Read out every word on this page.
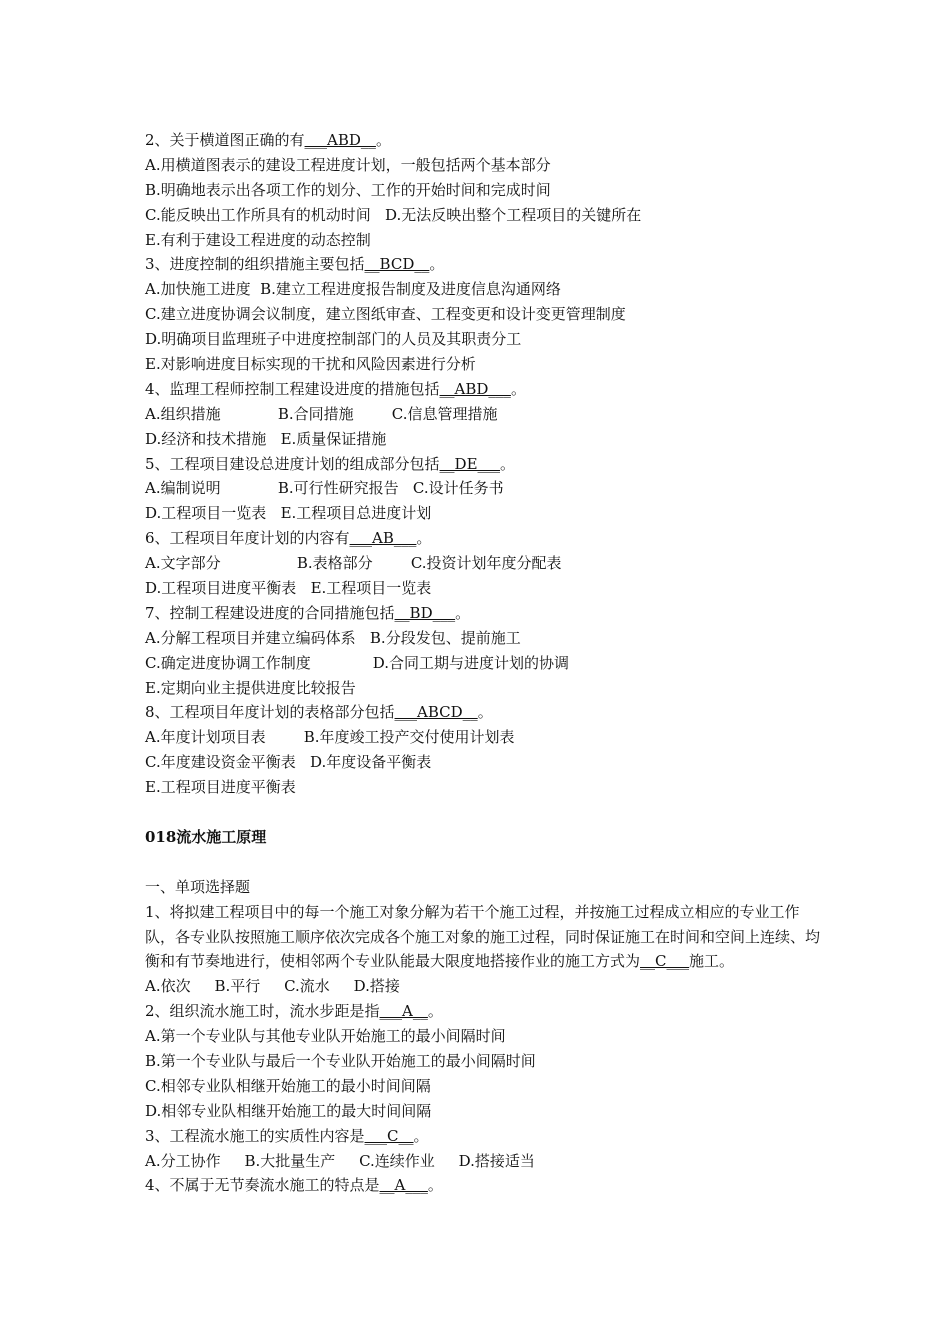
2、关于横道图正确的有___ABD__。
A.用横道图表示的建设工程进度计划，一般包括两个基本部分
B.明确地表示出各项工作的划分、工作的开始时间和完成时间
C.能反映出工作所具有的机动时间   D.无法反映出整个工程项目的关键所在
E.有利于建设工程进度的动态控制
3、进度控制的组织措施主要包括__BCD__。
A.加快施工进度  B.建立工程进度报告制度及进度信息沟通网络
C.建立进度协调会议制度，建立图纸审查、工程变更和设计变更管理制度
D.明确项目监理班子中进度控制部门的人员及其职责分工
E.对影响进度目标实现的干扰和风险因素进行分析
4、监理工程师控制工程建设进度的措施包括__ABD___。
A.组织措施            B.合同措施        C.信息管理措施
D.经济和技术措施   E.质量保证措施
5、工程项目建设总进度计划的组成部分包括__DE___。
A.编制说明            B.可行性研究报告   C.设计任务书
D.工程项目一览表   E.工程项目总进度计划
6、工程项目年度计划的内容有___AB___。
A.文字部分                B.表格部分        C.投资计划年度分配表
D.工程项目进度平衡表   E.工程项目一览表
7、控制工程建设进度的合同措施包括__BD___。
A.分解工程项目并建立编码体系   B.分段发包、提前施工
C.确定进度协调工作制度             D.合同工期与进度计划的协调
E.定期向业主提供进度比较报告
8、工程项目年度计划的表格部分包括___ABCD__。
A.年度计划项目表        B.年度竣工投产交付使用计划表
C.年度建设资金平衡表   D.年度设备平衡表
E.工程项目进度平衡表
018流水施工原理
一、单项选择题

1、将拟建工程项目中的每一个施工对象分解为若干个施工过程，并按施工过程成立相应的专业工作队，各专业队按照施工顺序依次完成各个施工对象的施工过程，同时保证施工在时间和空间上连续、均衡和有节奏地进行，使相邻两个专业队能最大限度地搭接作业的施工方式为__C___施工。

A.依次     B.平行     C.流水     D.搭接
2、组织流水施工时，流水步距是指___A__。
A.第一个专业队与其他专业队开始施工的最小间隔时间
B.第一个专业队与最后一个专业队开始施工的最小间隔时间
C.相邻专业队相继开始施工的最小时间间隔
D.相邻专业队相继开始施工的最大时间间隔
3、工程流水施工的实质性内容是___C__。
A.分工协作     B.大批量生产     C.连续作业     D.搭接适当
4、不属于无节奏流水施工的特点是__A___。
